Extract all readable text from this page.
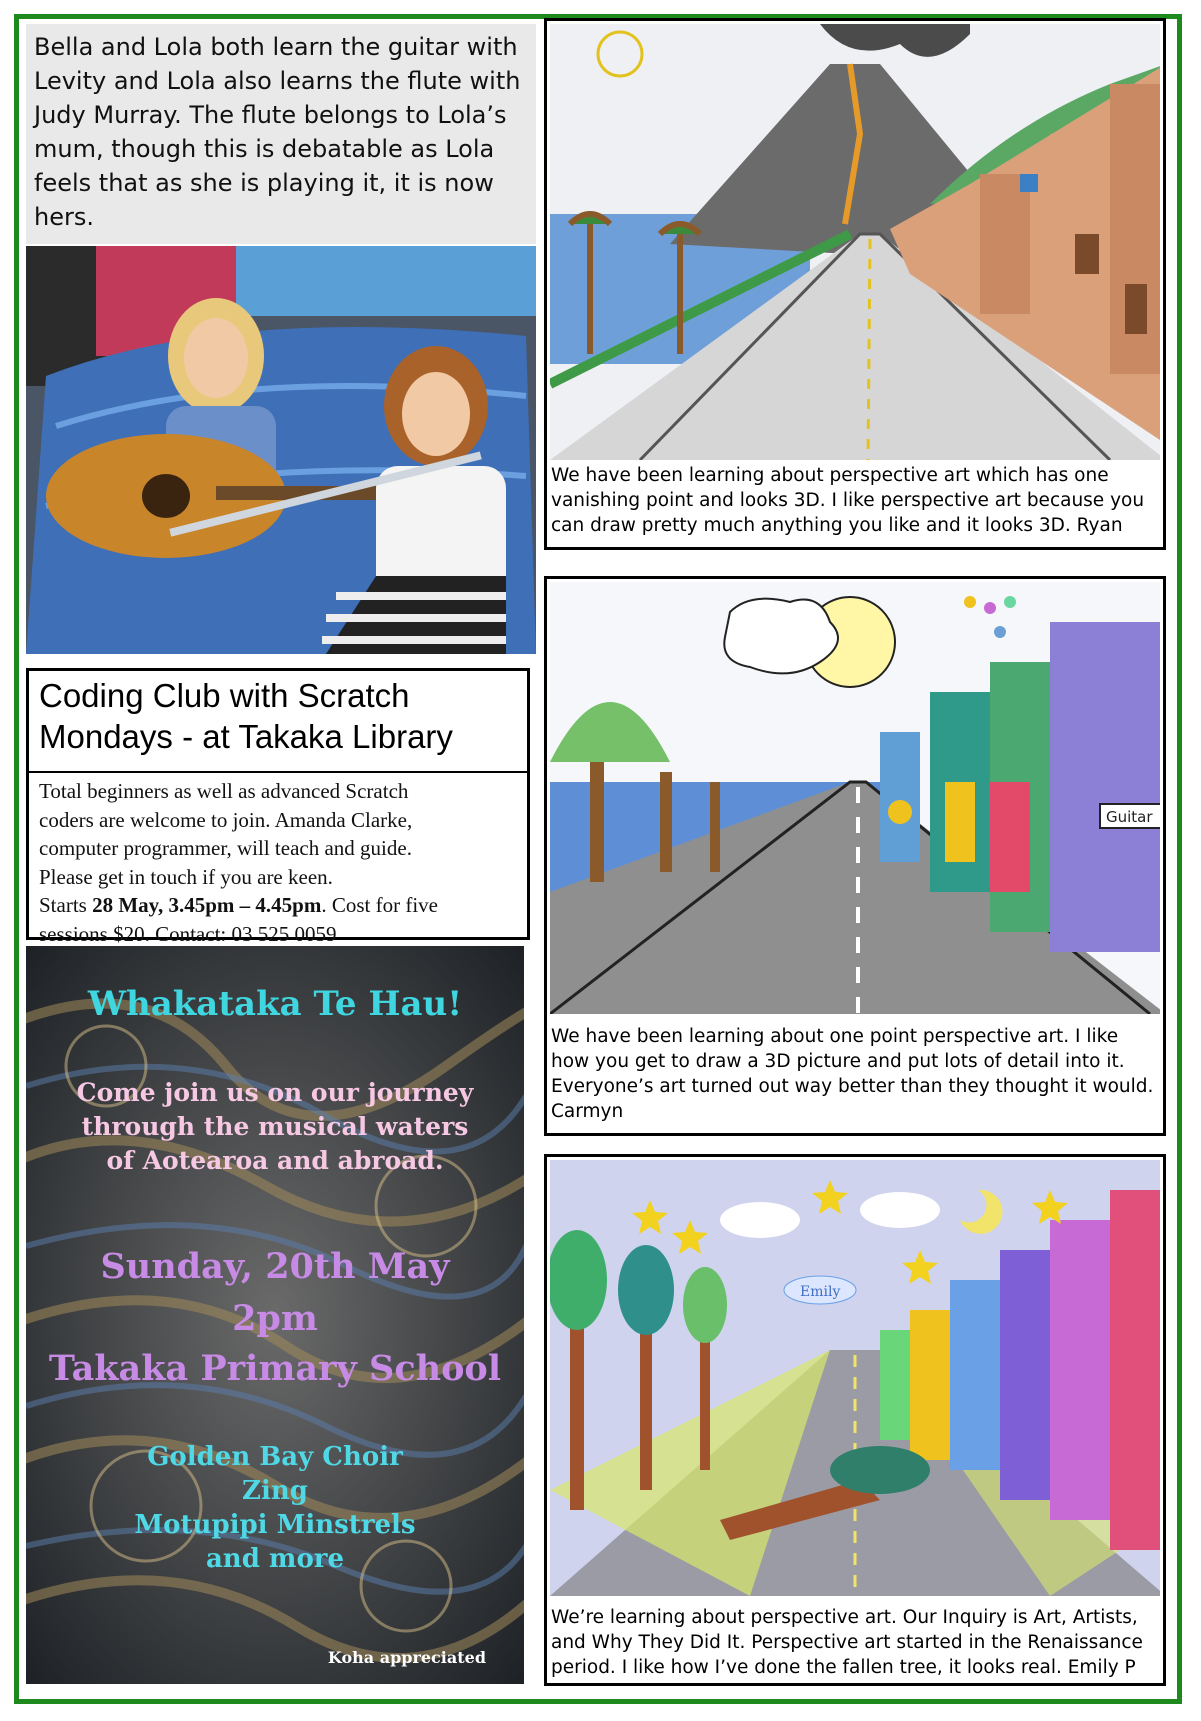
Bella and Lola both learn the guitar with Levity and Lola also learns the flute with Judy Murray. The flute belongs to Lola’s mum, though this is debatable as Lola feels that as she is playing it, it is now hers.
Coding Club with Scratch
Mondays - at Takaka Library
Total beginners as well as advanced Scratch
coders are welcome to join. Amanda Clarke,
computer programmer, will teach and guide.
Please get in touch if you are keen.
Starts 28 May, 3.45pm – 4.45pm. Cost for five
sessions $20. Contact: 03 525 0059
Whakataka Te Hau!
Come join us on our journey
through the musical waters
of Aotearoa and abroad.
Sunday, 20th May
2pm
Takaka Primary School
Golden Bay Choir
Zing
Motupipi Minstrels
and more
Koha appreciated
We have been learning about perspective art which has one vanishing point and looks 3D. I like perspective art because you can draw pretty much anything you like and it looks 3D. Ryan
Guitar
We have been learning about one point perspective art. I like how you get to draw a 3D picture and put lots of detail into it. Everyone’s art turned out way better than they thought it would. Carmyn
Emily
We’re learning about perspective art. Our Inquiry is Art, Artists, and Why They Did It. Perspective art started in the Renaissance period. I like how I’ve done the fallen tree, it looks real. Emily P
